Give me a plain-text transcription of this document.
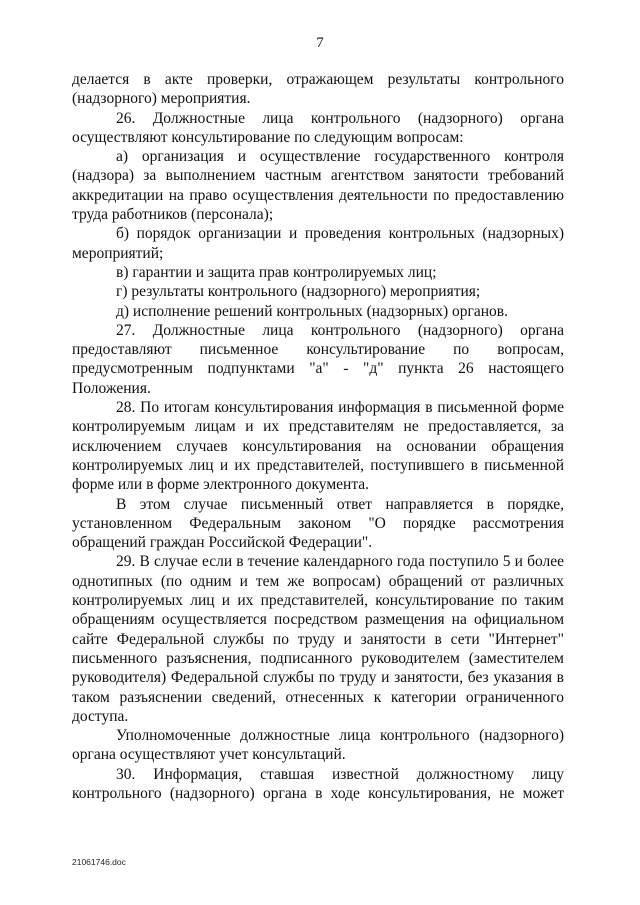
7

делается в акте проверки, отражающем результаты контрольного (надзорного) мероприятия.

26. Должностные лица контрольного (надзорного) органа осуществляют консультирование по следующим вопросам:

а) организация и осуществление государственного контроля (надзора) за выполнением частным агентством занятости требований аккредитации на право осуществления деятельности по предоставлению труда работников (персонала);

б) порядок организации и проведения контрольных (надзорных) мероприятий;

в) гарантии и защита прав контролируемых лиц;

г) результаты контрольного (надзорного) мероприятия;

д) исполнение решений контрольных (надзорных) органов.

27. Должностные лица контрольного (надзорного) органа предоставляют письменное консультирование по вопросам, предусмотренным подпунктами "а" - "д" пункта 26 настоящего Положения.

28. По итогам консультирования информация в письменной форме контролируемым лицам и их представителям не предоставляется, за исключением случаев консультирования на основании обращения контролируемых лиц и их представителей, поступившего в письменной форме или в форме электронного документа.

В этом случае письменный ответ направляется в порядке, установленном Федеральным законом "О порядке рассмотрения обращений граждан Российской Федерации".

29. В случае если в течение календарного года поступило 5 и более однотипных (по одним и тем же вопросам) обращений от различных контролируемых лиц и их представителей, консультирование по таким обращениям осуществляется посредством размещения на официальном сайте Федеральной службы по труду и занятости в сети "Интернет" письменного разъяснения, подписанного руководителем (заместителем руководителя) Федеральной службы по труду и занятости, без указания в таком разъяснении сведений, отнесенных к категории ограниченного доступа.

Уполномоченные должностные лица контрольного (надзорного) органа осуществляют учет консультаций.

30. Информация, ставшая известной должностному лицу контрольного (надзорного) органа в ходе консультирования, не может

21061746.doc
